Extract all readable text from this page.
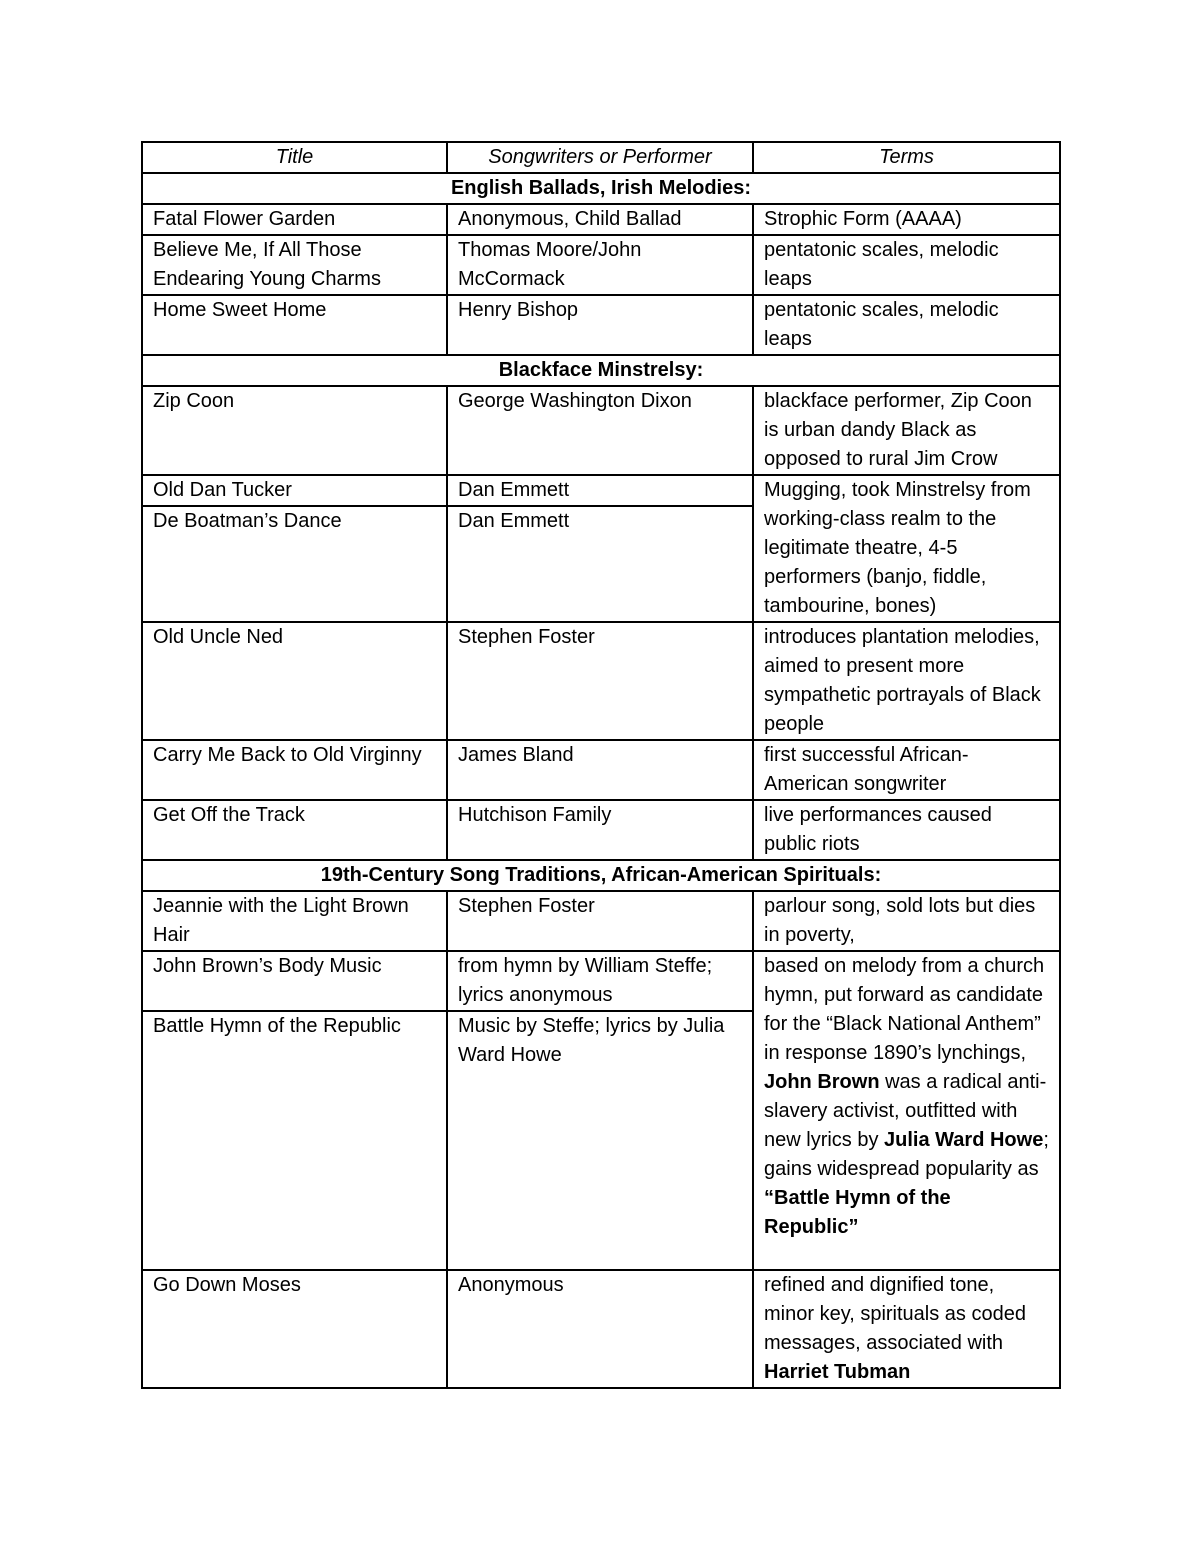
Title	Songwriters or Performer	Terms
English Ballads, Irish Melodies:		
Fatal Flower Garden	Anonymous, Child Ballad	Strophic Form (AAAA)
Believe Me, If All Those Endearing Young Charms	Thomas Moore/John McCormack	pentatonic scales, melodic leaps
Home Sweet Home	Henry Bishop	pentatonic scales, melodic leaps
Blackface Minstrelsy:		
Zip Coon	George Washington Dixon	blackface performer, Zip Coon is urban dandy Black as opposed to rural Jim Crow
Old Dan Tucker	Dan Emmett	Mugging, took Minstrelsy from working-class realm to the legitimate theatre, 4-5 performers (banjo, fiddle, tambourine, bones)
De Boatman’s Dance	Dan Emmett	
Old Uncle Ned	Stephen Foster	introduces plantation melodies, aimed to present more sympathetic portrayals of Black people
Carry Me Back to Old Virginny	James Bland	first successful African-American songwriter
Get Off the Track	Hutchison Family	live performances caused public riots
19th-Century Song Traditions, African-American Spirituals:		
Jeannie with the Light Brown Hair	Stephen Foster	parlour song, sold lots but dies in poverty,
John Brown’s Body Music	from hymn by William Steffe; lyrics anonymous	based on melody from a church hymn, put forward as candidate for the “Black National Anthem” in response 1890’s lynchings, John Brown was a radical anti-slavery activist, outfitted with new lyrics by Julia Ward Howe; gains widespread popularity as “Battle Hymn of the Republic”
Battle Hymn of the Republic	Music by Steffe; lyrics by Julia Ward Howe	
Go Down Moses	Anonymous	refined and dignified tone, minor key, spirituals as coded messages, associated with Harriet Tubman
